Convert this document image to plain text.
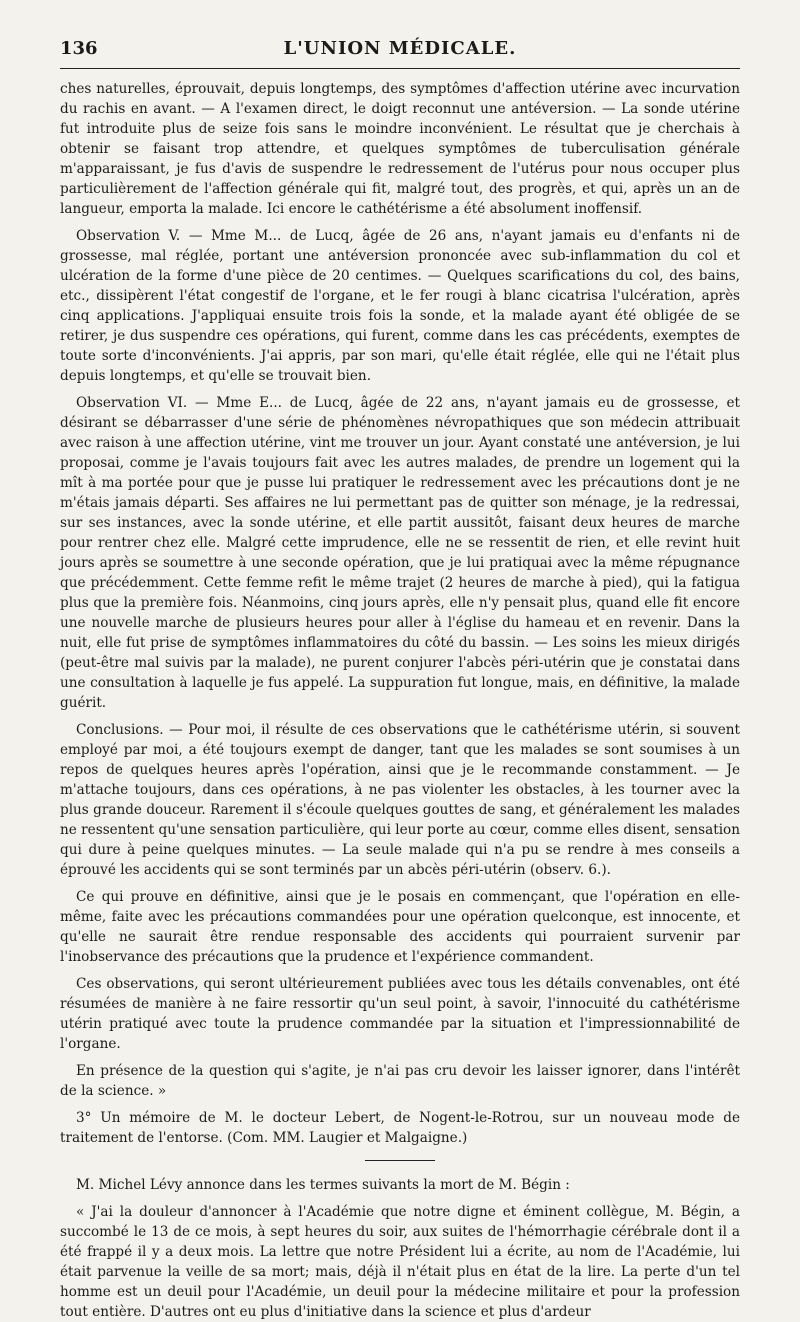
136	L'UNION MÉDICALE.

ches naturelles, éprouvait, depuis longtemps, des symptômes d'affection utérine avec incurvation du rachis en avant. — A l'examen direct, le doigt reconnut une antéversion. — La sonde utérine fut introduite plus de seize fois sans le moindre inconvénient. Le résultat que je cherchais à obtenir se faisant trop attendre, et quelques symptômes de tuberculisation générale m'apparaissant, je fus d'avis de suspendre le redressement de l'utérus pour nous occuper plus particulièrement de l'affection générale qui fit, malgré tout, des progrès, et qui, après un an de langueur, emporta la malade. Ici encore le cathétérisme a été absolument inoffensif.

Observation V. — Mme M... de Lucq, âgée de 26 ans, n'ayant jamais eu d'enfants ni de grossesse, mal réglée, portant une antéversion prononcée avec sub-inflammation du col et ulcération de la forme d'une pièce de 20 centimes. — Quelques scarifications du col, des bains, etc., dissipèrent l'état congestif de l'organe, et le fer rougi à blanc cicatrisa l'ulcération, après cinq applications. J'appliquai ensuite trois fois la sonde, et la malade ayant été obligée de se retirer, je dus suspendre ces opérations, qui furent, comme dans les cas précédents, exemptes de toute sorte d'inconvénients. J'ai appris, par son mari, qu'elle était réglée, elle qui ne l'était plus depuis longtemps, et qu'elle se trouvait bien.

Observation VI. — Mme E... de Lucq, âgée de 22 ans, n'ayant jamais eu de grossesse, et désirant se débarrasser d'une série de phénomènes névropathiques que son médecin attribuait avec raison à une affection utérine, vint me trouver un jour. Ayant constaté une antéversion, je lui proposai, comme je l'avais toujours fait avec les autres malades, de prendre un logement qui la mît à ma portée pour que je pusse lui pratiquer le redressement avec les précautions dont je ne m'étais jamais départi. Ses affaires ne lui permettant pas de quitter son ménage, je la redressai, sur ses instances, avec la sonde utérine, et elle partit aussitôt, faisant deux heures de marche pour rentrer chez elle. Malgré cette imprudence, elle ne se ressentit de rien, et elle revint huit jours après se soumettre à une seconde opération, que je lui pratiquai avec la même répugnance que précédemment. Cette femme refit le même trajet (2 heures de marche à pied), qui la fatigua plus que la première fois. Néanmoins, cinq jours après, elle n'y pensait plus, quand elle fit encore une nouvelle marche de plusieurs heures pour aller à l'église du hameau et en revenir. Dans la nuit, elle fut prise de symptômes inflammatoires du côté du bassin. — Les soins les mieux dirigés (peut-être mal suivis par la malade), ne purent conjurer l'abcès péri-utérin que je constatai dans une consultation à laquelle je fus appelé. La suppuration fut longue, mais, en définitive, la malade guérit.

Conclusions. — Pour moi, il résulte de ces observations que le cathétérisme utérin, si souvent employé par moi, a été toujours exempt de danger, tant que les malades se sont soumises à un repos de quelques heures après l'opération, ainsi que je le recommande constamment. — Je m'attache toujours, dans ces opérations, à ne pas violenter les obstacles, à les tourner avec la plus grande douceur. Rarement il s'écoule quelques gouttes de sang, et généralement les malades ne ressentent qu'une sensation particulière, qui leur porte au cœur, comme elles disent, sensation qui dure à peine quelques minutes. — La seule malade qui n'a pu se rendre à mes conseils a éprouvé les accidents qui se sont terminés par un abcès péri-utérin (observ. 6.).

Ce qui prouve en définitive, ainsi que je le posais en commençant, que l'opération en elle-même, faite avec les précautions commandées pour une opération quelconque, est innocente, et qu'elle ne saurait être rendue responsable des accidents qui pourraient survenir par l'inobservance des précautions que la prudence et l'expérience commandent.

Ces observations, qui seront ultérieurement publiées avec tous les détails convenables, ont été résumées de manière à ne faire ressortir qu'un seul point, à savoir, l'innocuité du cathétérisme utérin pratiqué avec toute la prudence commandée par la situation et l'impressionnabilité de l'organe.

En présence de la question qui s'agite, je n'ai pas cru devoir les laisser ignorer, dans l'intérêt de la science. »

3° Un mémoire de M. le docteur Lebert, de Nogent-le-Rotrou, sur un nouveau mode de traitement de l'entorse. (Com. MM. Laugier et Malgaigne.)

M. Michel Lévy annonce dans les termes suivants la mort de M. Bégin :

« J'ai la douleur d'annoncer à l'Académie que notre digne et éminent collègue, M. Bégin, a succombé le 13 de ce mois, à sept heures du soir, aux suites de l'hémorrhagie cérébrale dont il a été frappé il y a deux mois. La lettre que notre Président lui a écrite, au nom de l'Académie, lui était parvenue la veille de sa mort; mais, déjà il n'était plus en état de la lire. La perte d'un tel homme est un deuil pour l'Académie, un deuil pour la médecine militaire et pour la profession tout entière. D'autres ont eu plus d'initiative dans la science et plus d'ardeur
